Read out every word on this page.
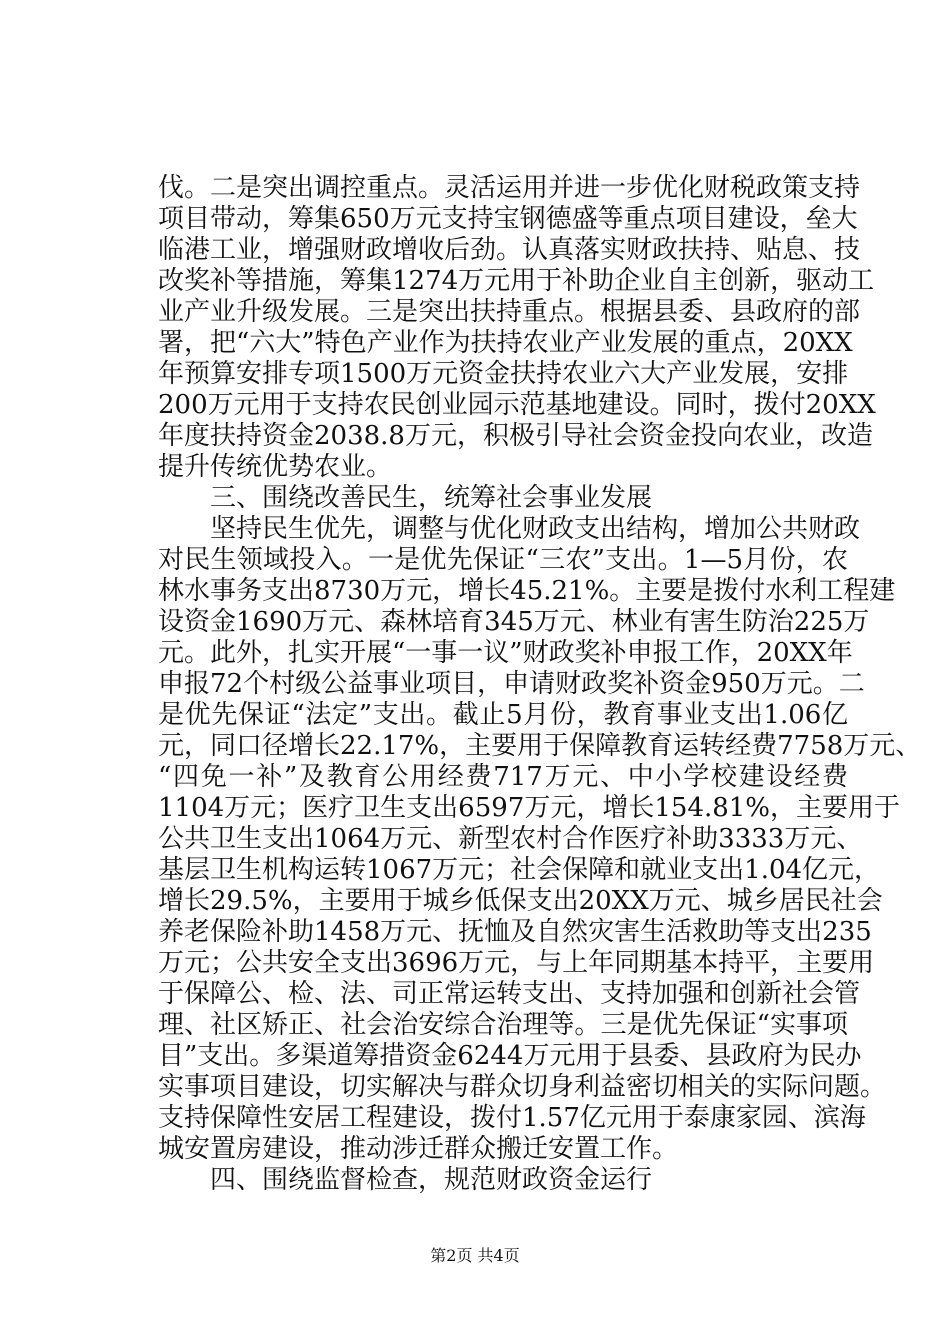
伐。二是突出调控重点。灵活运用并进一步优化财税政策支持
项目带动，筹集650万元支持宝钢德盛等重点项目建设，垒大
临港工业，增强财政增收后劲。认真落实财政扶持、贴息、技
改奖补等措施，筹集1274万元用于补助企业自主创新，驱动工
业产业升级发展。三是突出扶持重点。根据县委、县政府的部
署，把“六大”特色产业作为扶持农业产业发展的重点，20XX
年预算安排专项1500万元资金扶持农业六大产业发展，安排
200万元用于支持农民创业园示范基地建设。同时，拨付20XX
年度扶持资金2038.8万元，积极引导社会资金投向农业，改造
提升传统优势农业。
三、围绕改善民生，统筹社会事业发展
坚持民生优先，调整与优化财政支出结构，增加公共财政
对民生领域投入。一是优先保证“三农”支出。1—5月份，农
林水事务支出8730万元，增长45.21%。主要是拨付水利工程建
设资金1690万元、森林培育345万元、林业有害生防治225万
元。此外，扎实开展“一事一议”财政奖补申报工作，20XX年
申报72个村级公益事业项目，申请财政奖补资金950万元。二
是优先保证“法定”支出。截止5月份，教育事业支出1.06亿
元，同口径增长22.17%，主要用于保障教育运转经费7758万元、
“四免一补”及教育公用经费717万元、中小学校建设经费
1104万元；医疗卫生支出6597万元，增长154.81%，主要用于
公共卫生支出1064万元、新型农村合作医疗补助3333万元、
基层卫生机构运转1067万元；社会保障和就业支出1.04亿元，
增长29.5%，主要用于城乡低保支出20XX万元、城乡居民社会
养老保险补助1458万元、抚恤及自然灾害生活救助等支出235
万元；公共安全支出3696万元，与上年同期基本持平，主要用
于保障公、检、法、司正常运转支出、支持加强和创新社会管
理、社区矫正、社会治安综合治理等。三是优先保证“实事项
目”支出。多渠道筹措资金6244万元用于县委、县政府为民办
实事项目建设，切实解决与群众切身利益密切相关的实际问题。
支持保障性安居工程建设，拨付1.57亿元用于泰康家园、滨海
城安置房建设，推动涉迁群众搬迁安置工作。
四、围绕监督检查，规范财政资金运行
第2页 共4页
